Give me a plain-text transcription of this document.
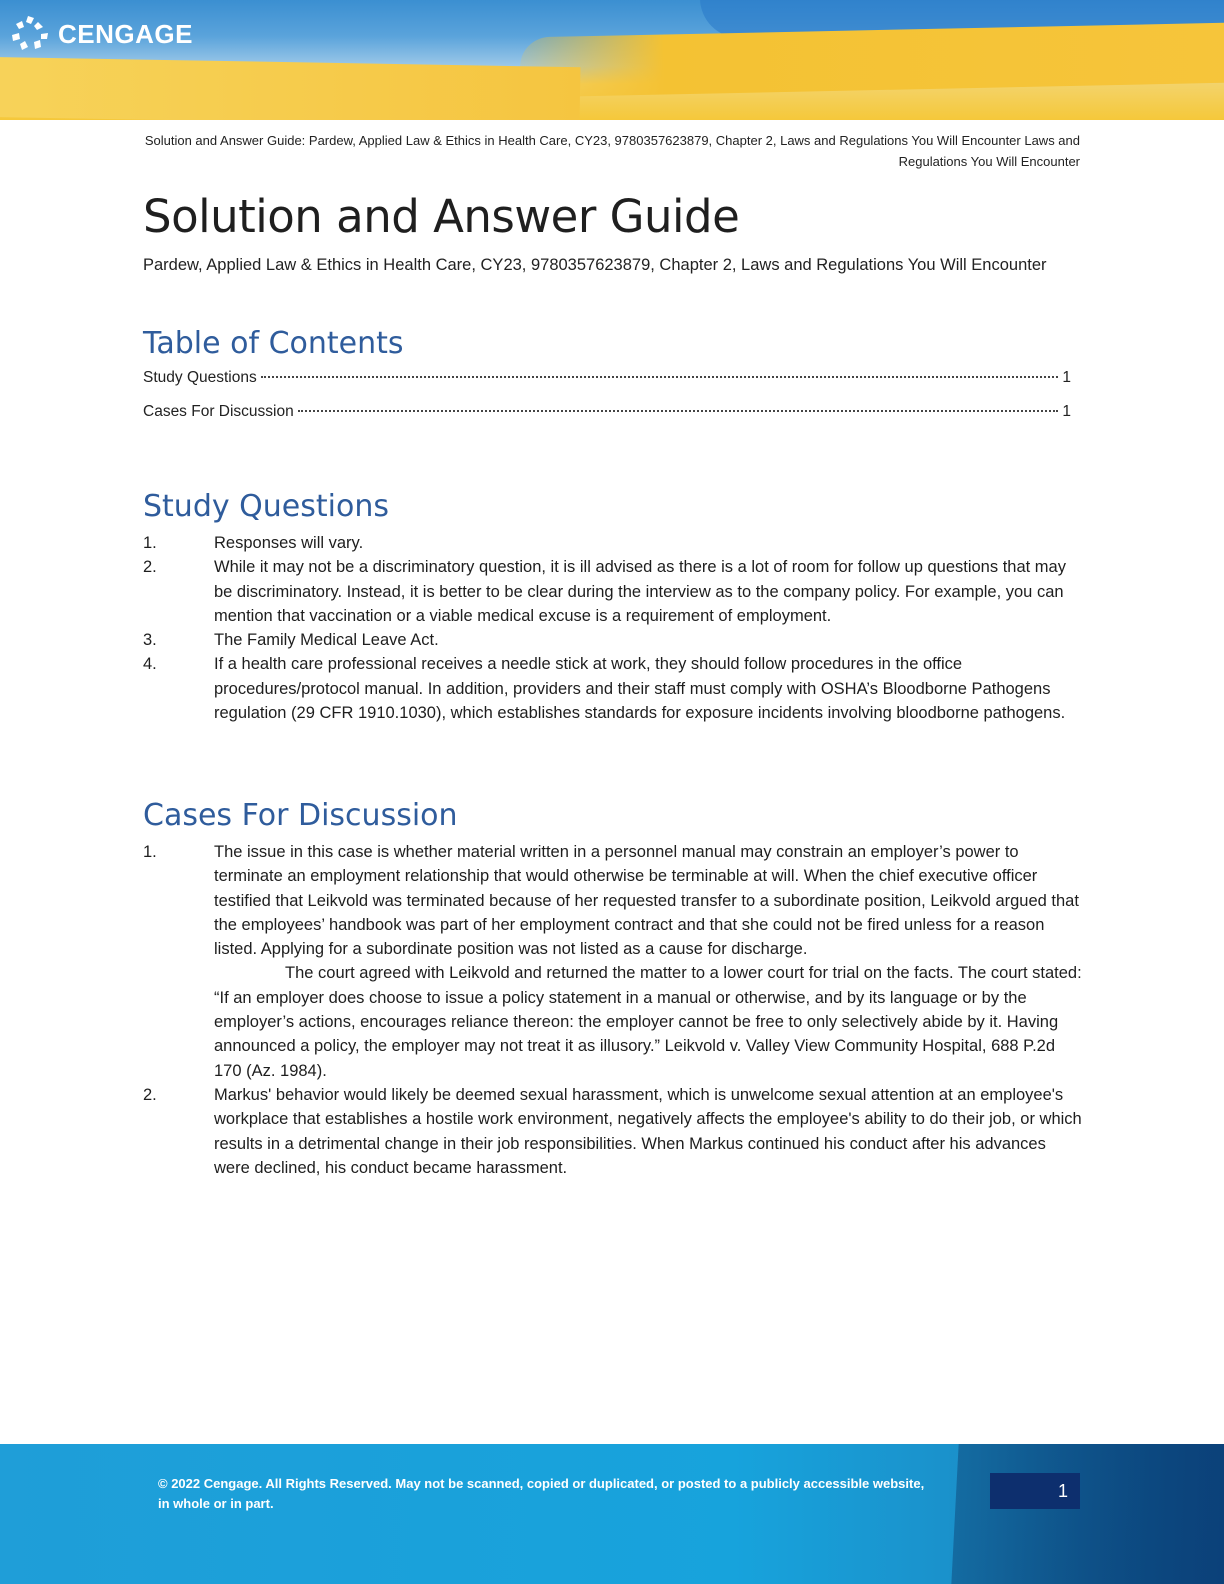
CENGAGE
Solution and Answer Guide: Pardew, Applied Law & Ethics in Health Care, CY23, 9780357623879, Chapter 2, Laws and Regulations You Will Encounter Laws and Regulations You Will Encounter
Solution and Answer Guide
Pardew, Applied Law & Ethics in Health Care, CY23, 9780357623879, Chapter 2, Laws and Regulations You Will Encounter
Table of Contents
Study Questions	1
Cases For Discussion	1
Study Questions
1.	Responses will vary.
2.	While it may not be a discriminatory question, it is ill advised as there is a lot of room for follow up questions that may be discriminatory. Instead, it is better to be clear during the interview as to the company policy. For example, you can mention that vaccination or a viable medical excuse is a requirement of employment.
3.	The Family Medical Leave Act.
4.	If a health care professional receives a needle stick at work, they should follow procedures in the office procedures/protocol manual. In addition, providers and their staff must comply with OSHA’s Bloodborne Pathogens regulation (29 CFR 1910.1030), which establishes standards for exposure incidents involving bloodborne pathogens.
Cases For Discussion
1.	The issue in this case is whether material written in a personnel manual may constrain an employer’s power to terminate an employment relationship that would otherwise be terminable at will. When the chief executive officer testified that Leikvold was terminated because of her requested transfer to a subordinate position, Leikvold argued that the employees’ handbook was part of her employment contract and that she could not be fired unless for a reason listed. Applying for a subordinate position was not listed as a cause for discharge.
The court agreed with Leikvold and returned the matter to a lower court for trial on the facts. The court stated: “If an employer does choose to issue a policy statement in a manual or otherwise, and by its language or by the employer’s actions, encourages reliance thereon: the employer cannot be free to only selectively abide by it. Having announced a policy, the employer may not treat it as illusory.” Leikvold v. Valley View Community Hospital, 688 P.2d 170 (Az. 1984).
2.	Markus' behavior would likely be deemed sexual harassment, which is unwelcome sexual attention at an employee's workplace that establishes a hostile work environment, negatively affects the employee's ability to do their job, or which results in a detrimental change in their job responsibilities. When Markus continued his conduct after his advances were declined, his conduct became harassment.
© 2022 Cengage. All Rights Reserved. May not be scanned, copied or duplicated, or posted to a publicly accessible website, in whole or in part.
1
